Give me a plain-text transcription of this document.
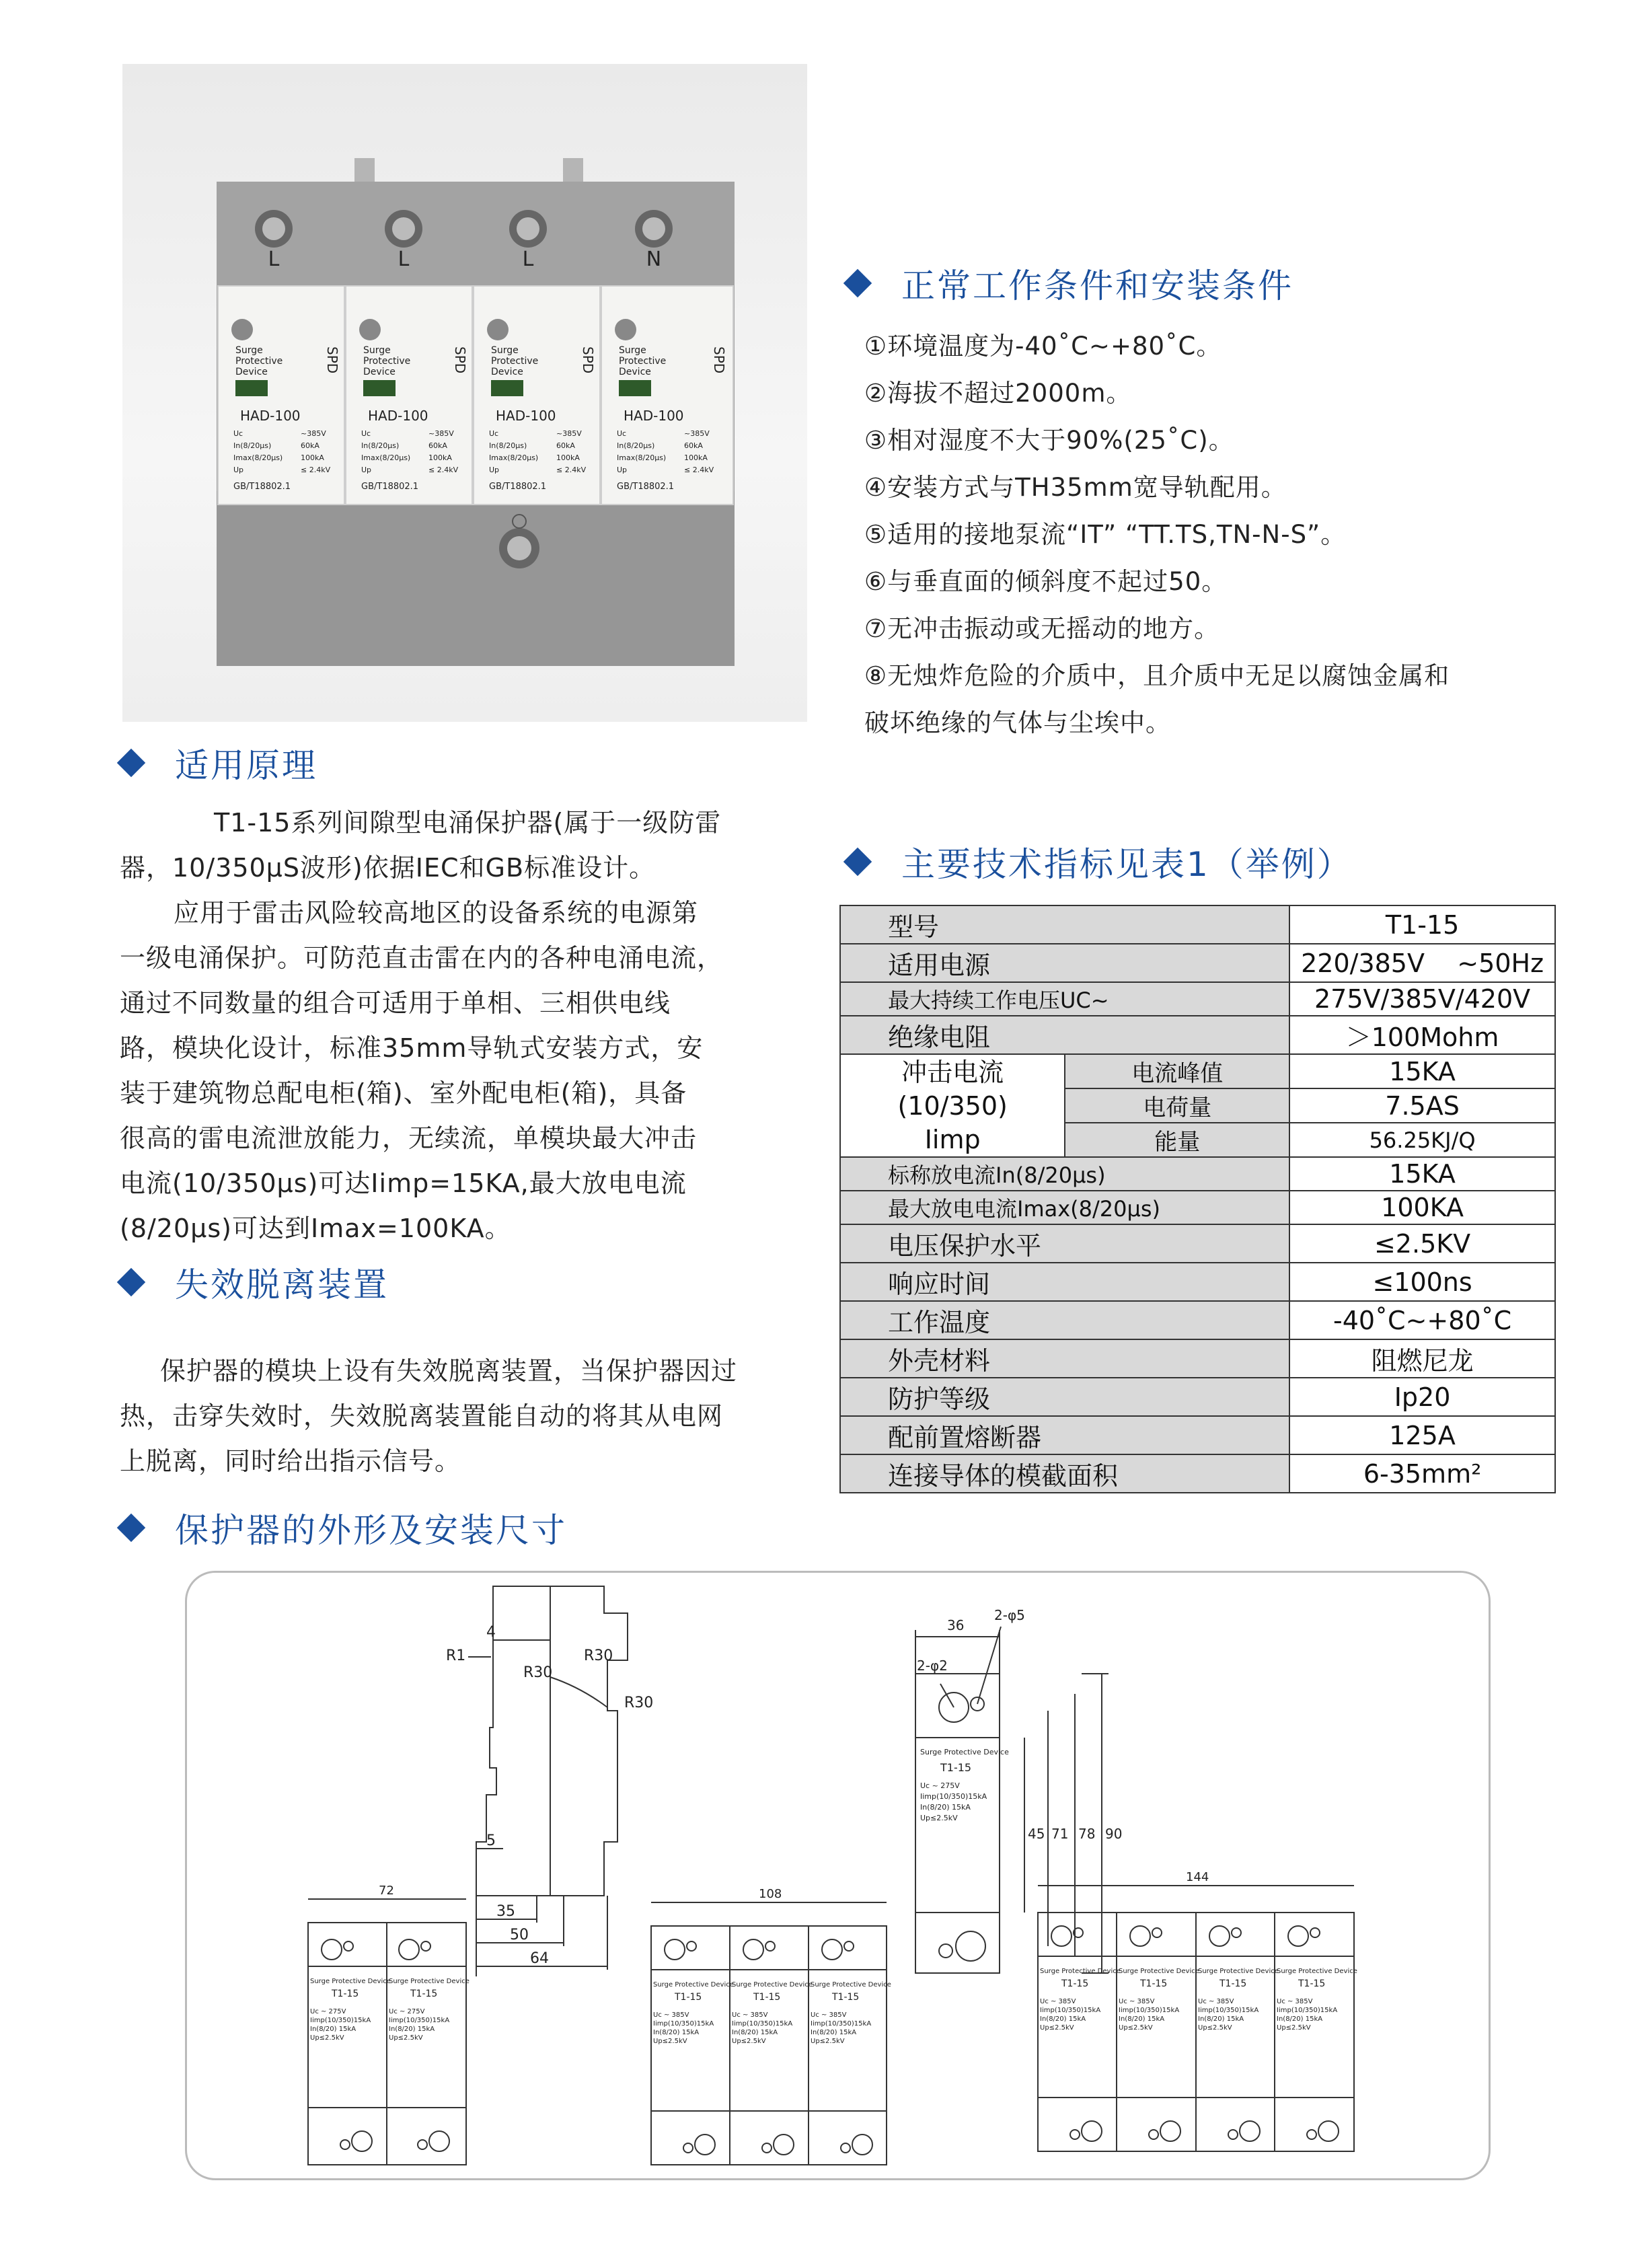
L	L	L	N
Surge
Protective
Device	SPD
HAD-100
Uc	~385V
In(8/20μs)	60kA
Imax(8/20μs) 100kA
Up	≤ 2.4kV
GB/T18802.1
Surge
Protective
Device	SPD
HAD-100
Uc	~385V
In(8/20μs)	60kA
Imax(8/20μs) 100kA
Up	≤ 2.4kV
GB/T18802.1
Surge
Protective
Device	SPD
HAD-100
Uc	~385V
In(8/20μs)	60kA
Imax(8/20μs) 100kA
Up	≤ 2.4kV
GB/T18802.1
Surge
Protective
Device	SPD
HAD-100
Uc	~385V
In(8/20μs)	60kA
Imax(8/20μs) 100kA
Up	≤ 2.4kV
GB/T18802.1
正常工作条件和安装条件
①环境温度为-40˚C~+80˚C。
②海拔不超过2000m。
③相对湿度不大于90%(25˚C)。
④安装方式与TH35mm宽导轨配用。
⑤适用的接地泵流“IT” “TT.TS,TN-N-S”。
⑥与垂直面的倾斜度不起过50。
⑦无冲击振动或无摇动的地方。
⑧无烛炸危险的介质中，且介质中无足以腐蚀金属和
破坏绝缘的气体与尘埃中。
适用原理
T1-15系列间隙型电涌保护器(属于一级防雷
器，10/350μS波形)依据IEC和GB标准设计。
应用于雷击风险较高地区的设备系统的电源第
一级电涌保护。可防范直击雷在内的各种电涌电流，
通过不同数量的组合可适用于单相、三相供电线
路，模块化设计，标准35mm导轨式安装方式，安
装于建筑物总配电柜(箱)、室外配电柜(箱)，具备
很高的雷电流泄放能力，无续流，单模块最大冲击
电流(10/350μs)可达Iimp=15KA,最大放电电流
(8/20μs)可达到Imax=100KA。
失效脱离装置
保护器的模块上设有失效脱离装置，当保护器因过
热，击穿失效时，失效脱离装置能自动的将其从电网
上脱离，同时给出指示信号。
主要技术指标见表1（举例）
型号		T1-15
适用电源		220/385V    ~50Hz
最大持续工作电压UC~		275V/385V/420V
绝缘电阻		＞100Mohm

冲击电流
(10/350)
Iimp	电流峰值	15KA
	电荷量	7.5AS
	能量	56.25KJ/Q
标称放电流In(8/20μs)		15KA
最大放电电流Imax(8/20μs)		100KA
电压保护水平		≤2.5KV
响应时间		≤100ns
工作温度		-40˚C~+80˚C
外壳材料		阻燃尼龙
防护等级		Ip20
配前置熔断器		125A
连接导体的模截面积		6-35mm²
保护器的外形及安装尺寸
4
R1
R30
R30
R30
5
35
50
64
36
2-φ5
2-φ2
45 71 78 90
Surge Protective Device
T1-15
Uc ~ 275V
Iimp(10/350)15kA
In(8/20) 15kA
Up≤2.5kV
72
Surge Protective Device
T1-15
Uc ~ 275V
Iimp(10/350)15kA
In(8/20) 15kA
Up≤2.5kV
Surge Protective Device
T1-15
Uc ~ 275V
Iimp(10/350)15kA
In(8/20) 15kA
Up≤2.5kV
108
Surge Protective Device
T1-15
Uc ~ 385V
Iimp(10/350)15kA
In(8/20) 15kA
Up≤2.5kV
Surge Protective Device
T1-15
Uc ~ 385V
Iimp(10/350)15kA
In(8/20) 15kA
Up≤2.5kV
Surge Protective Device
T1-15
Uc ~ 385V
Iimp(10/350)15kA
In(8/20) 15kA
Up≤2.5kV
144
Surge Protective Device
T1-15
Uc ~ 385V
Iimp(10/350)15kA
In(8/20) 15kA
Up≤2.5kV
Surge Protective Device
T1-15
Uc ~ 385V
Iimp(10/350)15kA
In(8/20) 15kA
Up≤2.5kV
Surge Protective Device
T1-15
Uc ~ 385V
Iimp(10/350)15kA
In(8/20) 15kA
Up≤2.5kV
Surge Protective Device
T1-15
Uc ~ 385V
Iimp(10/350)15kA
In(8/20) 15kA
Up≤2.5kV
